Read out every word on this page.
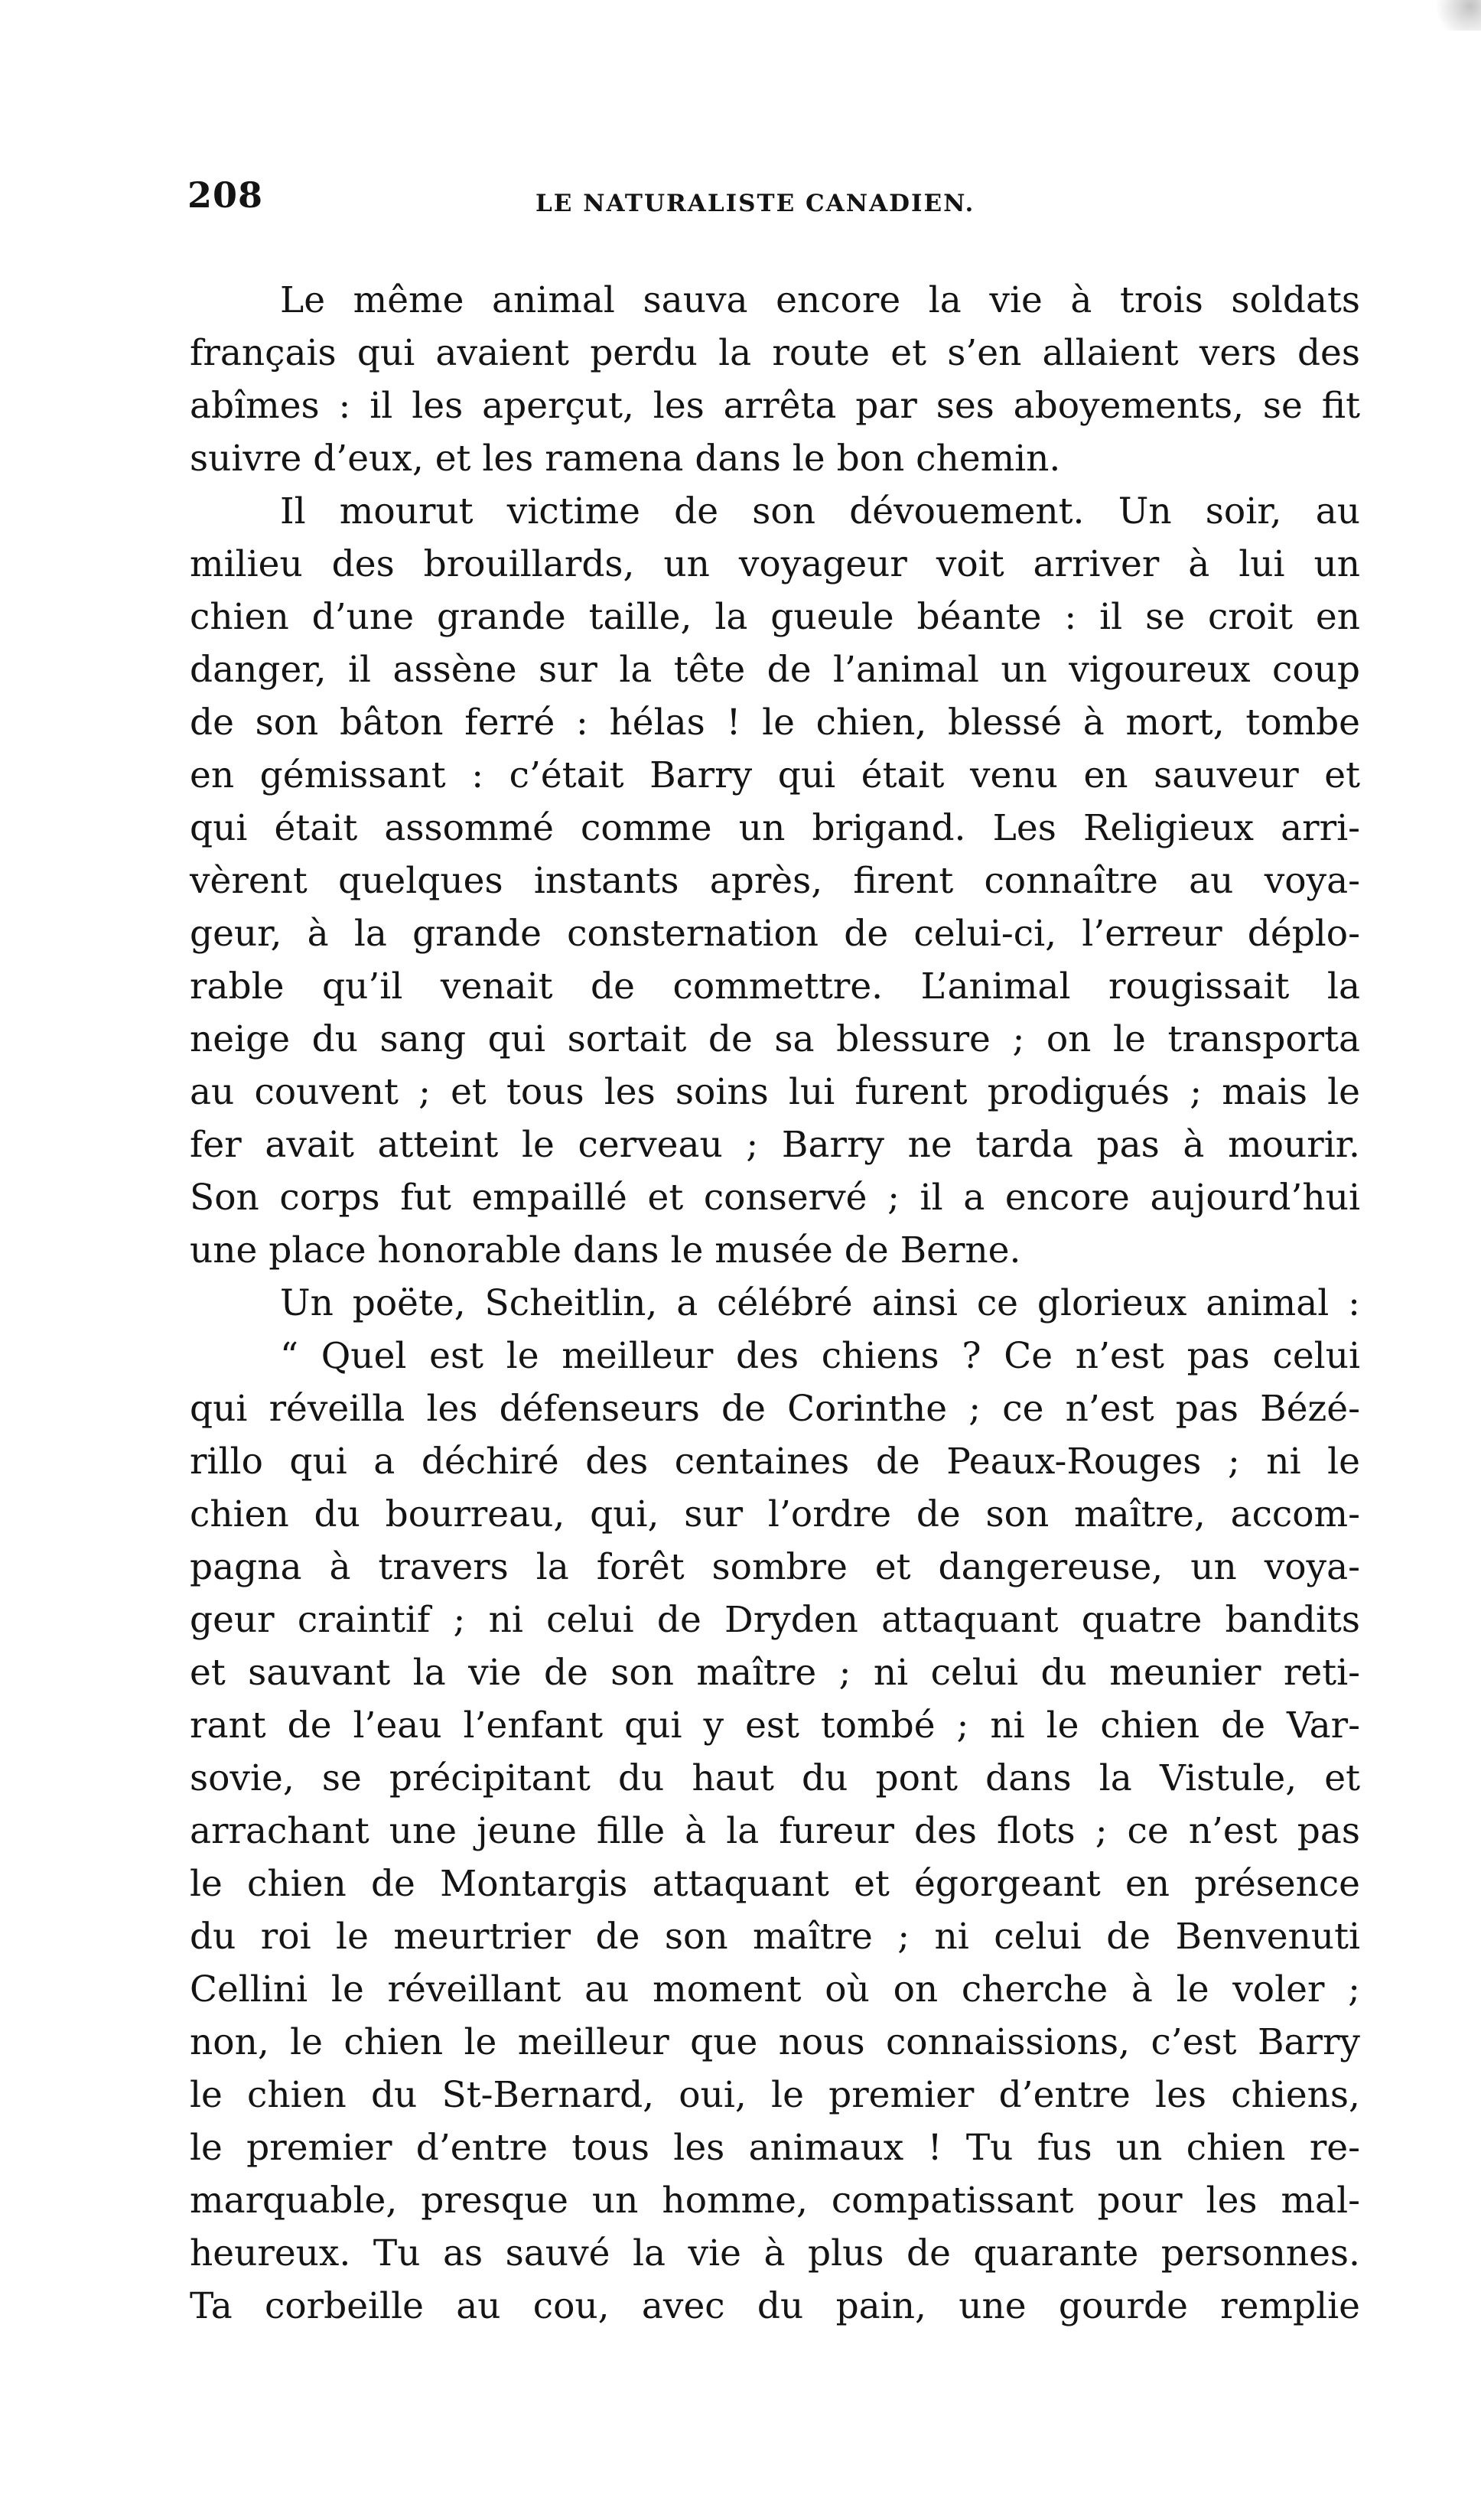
208	LE NATURALISTE CANADIEN.
Le même animal sauva encore la vie à trois soldats
français qui avaient perdu la route et s’en allaient vers des
abîmes : il les aperçut, les arrêta par ses aboyements, se fit
suivre d’eux, et les ramena dans le bon chemin.
Il mourut victime de son dévouement. Un soir, au
milieu des brouillards, un voyageur voit arriver à lui un
chien d’une grande taille, la gueule béante : il se croit en
danger, il assène sur la tête de l’animal un vigoureux coup
de son bâton ferré : hélas ! le chien, blessé à mort, tombe
en gémissant : c’était Barry qui était venu en sauveur et
qui était assommé comme un brigand. Les Religieux arri-
vèrent quelques instants après, firent connaître au voya-
geur, à la grande consternation de celui-ci, l’erreur déplo-
rable qu’il venait de commettre. L’animal rougissait la
neige du sang qui sortait de sa blessure ; on le transporta
au couvent ; et tous les soins lui furent prodigués ; mais le
fer avait atteint le cerveau ; Barry ne tarda pas à mourir.
Son corps fut empaillé et conservé ; il a encore aujourd’hui
une place honorable dans le musée de Berne.
Un poëte, Scheitlin, a célébré ainsi ce glorieux animal :
“ Quel est le meilleur des chiens ? Ce n’est pas celui
qui réveilla les défenseurs de Corinthe ; ce n’est pas Bézé-
rillo qui a déchiré des centaines de Peaux-Rouges ; ni le
chien du bourreau, qui, sur l’ordre de son maître, accom-
pagna à travers la forêt sombre et dangereuse, un voya-
geur craintif ; ni celui de Dryden attaquant quatre bandits
et sauvant la vie de son maître ; ni celui du meunier reti-
rant de l’eau l’enfant qui y est tombé ; ni le chien de Var-
sovie, se précipitant du haut du pont dans la Vistule, et
arrachant une jeune fille à la fureur des flots ; ce n’est pas
le chien de Montargis attaquant et égorgeant en présence
du roi le meurtrier de son maître ; ni celui de Benvenuti
Cellini le réveillant au moment où on cherche à le voler ;
non, le chien le meilleur que nous connaissions, c’est Barry
le chien du St-Bernard, oui, le premier d’entre les chiens,
le premier d’entre tous les animaux ! Tu fus un chien re-
marquable, presque un homme, compatissant pour les mal-
heureux. Tu as sauvé la vie à plus de quarante personnes.
Ta corbeille au cou, avec du pain, une gourde remplie
